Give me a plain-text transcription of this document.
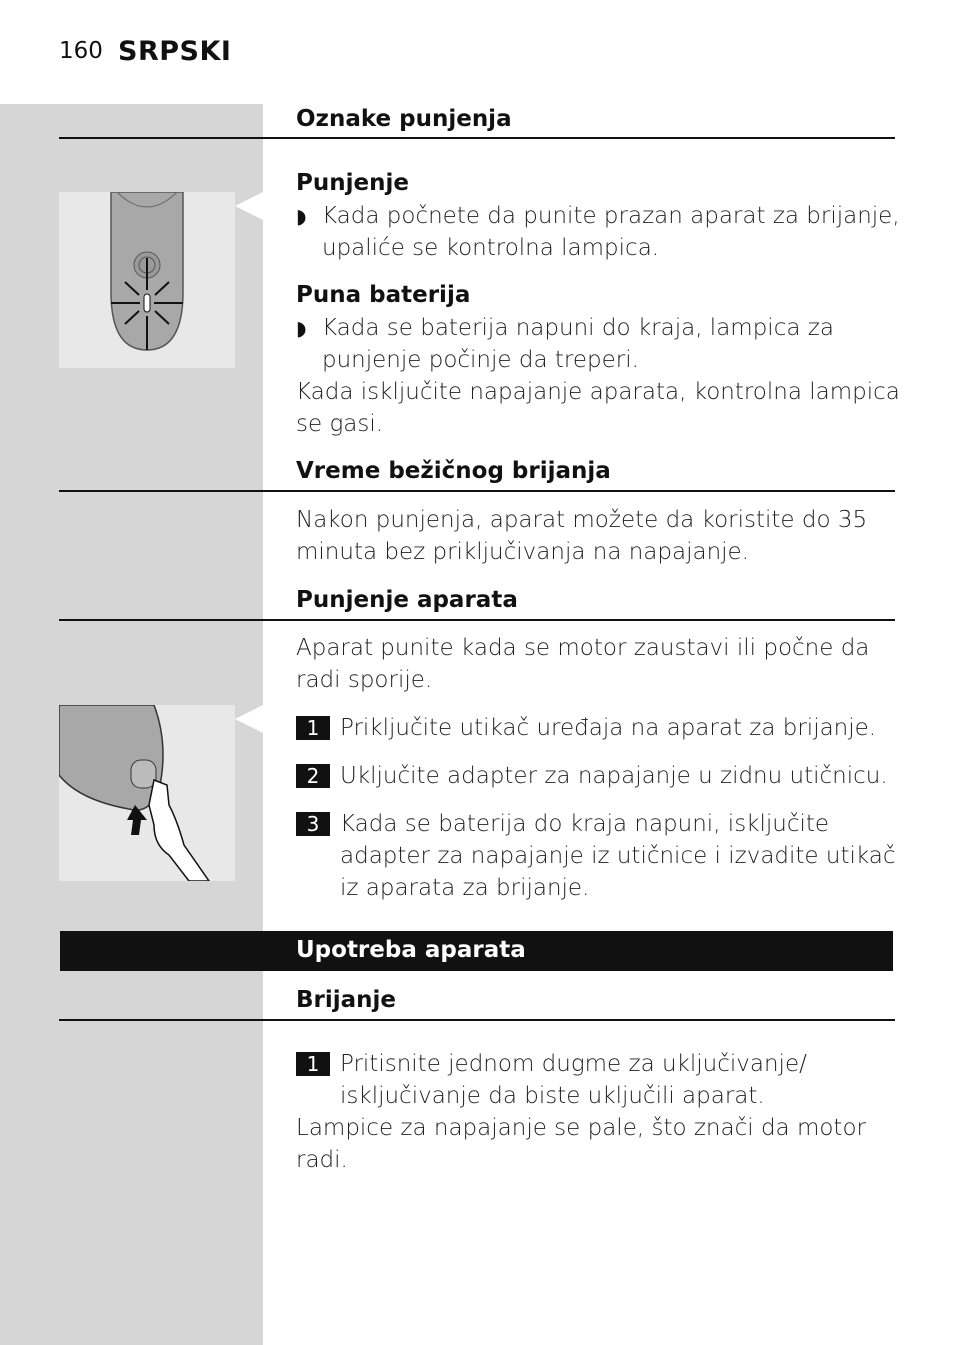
160 SRPSKI
Oznake punjenja
Punjenje
◗ Kada počnete da punite prazan aparat za brijanje,
upaliće se kontrolna lampica.
Puna baterija
◗ Kada se baterija napuni do kraja, lampica za
punjenje počinje da treperi.
Kada isključite napajanje aparata, kontrolna lampica
se gasi.
Vreme bežičnog brijanja
Nakon punjenja, aparat možete da koristite do 35
minuta bez priključivanja na napajanje.
Punjenje aparata
Aparat punite kada se motor zaustavi ili počne da
radi sporije.
1 Priključite utikač uređaja na aparat za brijanje.
2 Uključite adapter za napajanje u zidnu utičnicu.
3 Kada se baterija do kraja napuni, isključite
adapter za napajanje iz utičnice i izvadite utikač
iz aparata za brijanje.
Upotreba aparata
Brijanje
1 Pritisnite jednom dugme za uključivanje/
isključivanje da biste uključili aparat.
Lampice za napajanje se pale, što znači da motor
radi.
